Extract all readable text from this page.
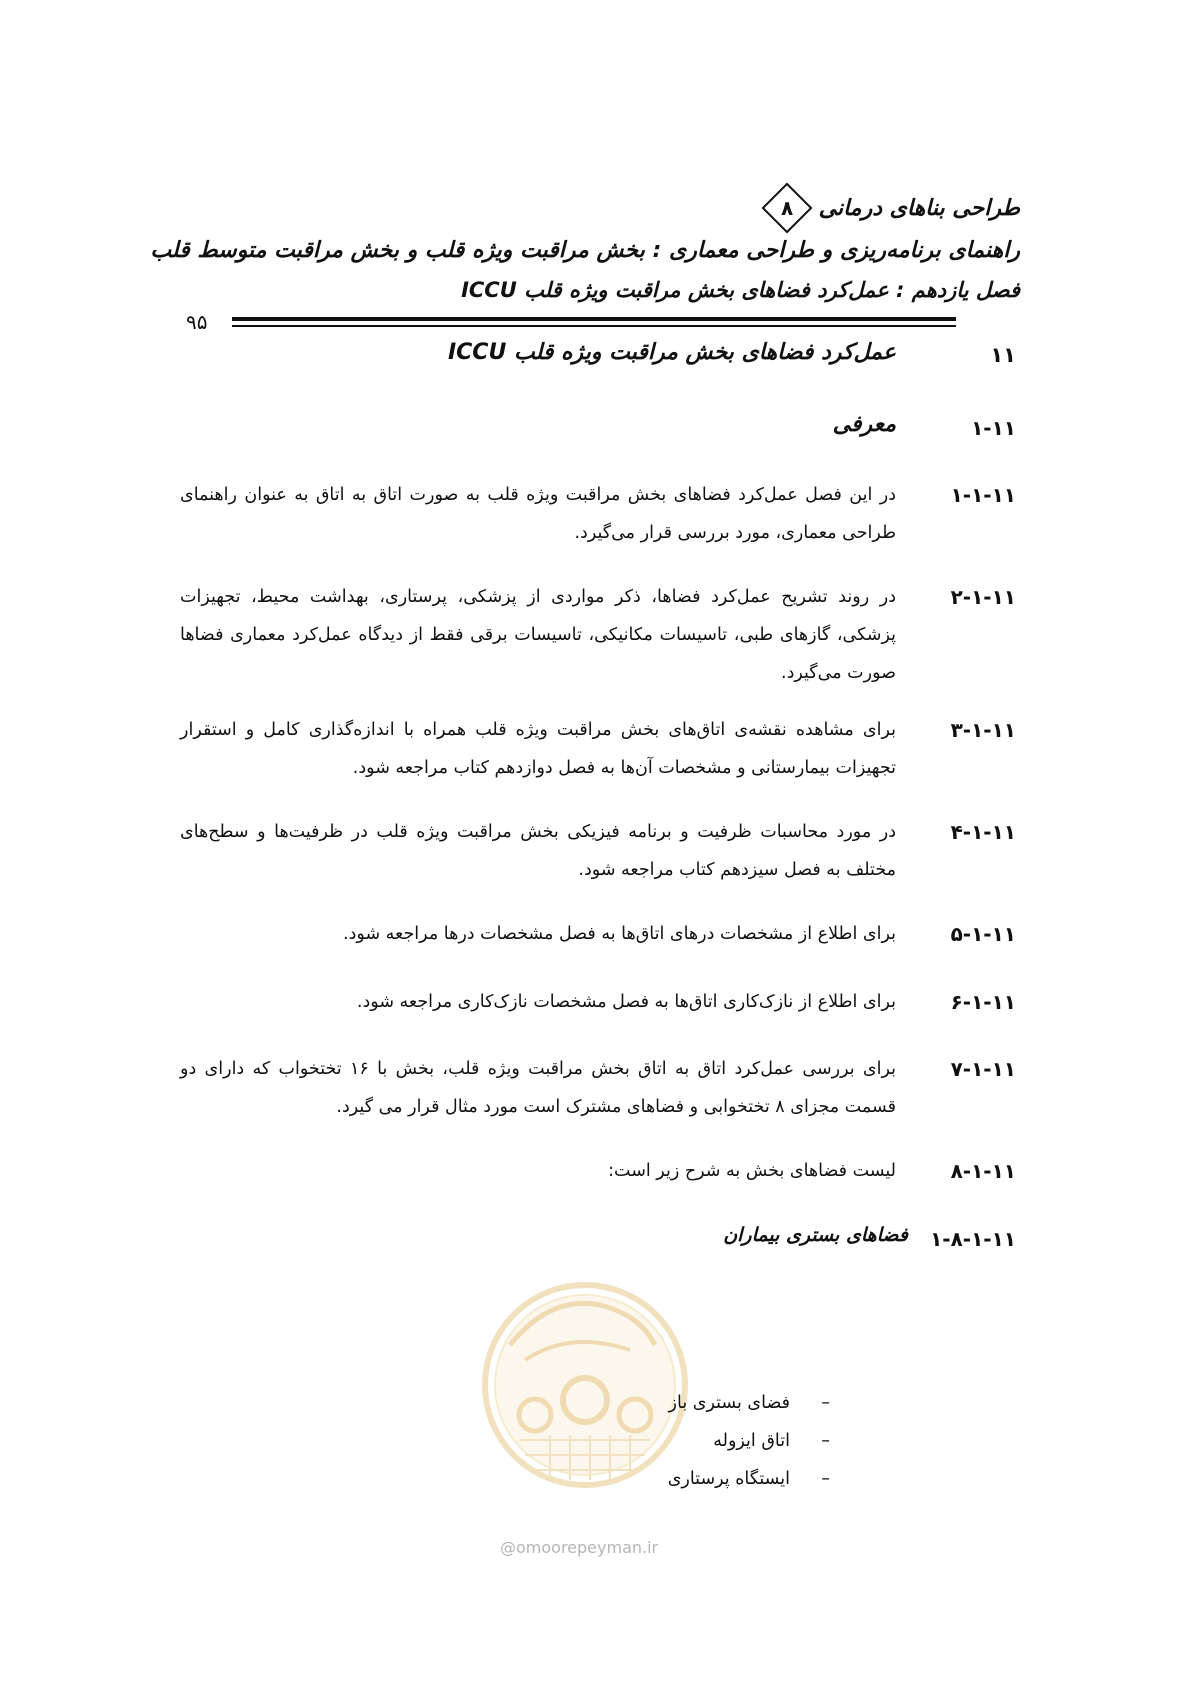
طراحی بناهای درمانی
۸
راهنمای برنامه‌ریزی و طراحی معماری : بخش مراقبت ویژه قلب و بخش مراقبت متوسط قلب
فصل یازدهم : عمل‌کرد فضاهای بخش مراقبت ویژه قلب ICCU
۹۵
۱۱
عمل‌کرد فضاهای بخش مراقبت ویژه قلب ICCU
۱-۱۱
معرفی
۱-۱-۱۱
در این فصل عمل‌کرد فضاهای بخش مراقبت ویژه قلب به صورت اتاق به اتاق به عنوان راهنمای طراحی معماری، مورد بررسی قرار می‌گیرد.
۲-۱-۱۱
در روند تشریح عمل‌کرد فضاها، ذکر مواردی از پزشکی، پرستاری، بهداشت محیط، تجهیزات پزشکی، گازهای طبی، تاسیسات مکانیکی، تاسیسات برقی فقط از دیدگاه عمل‌کرد معماری فضاها صورت می‌گیرد.
۳-۱-۱۱
برای مشاهده نقشه‌ی اتاق‌های بخش مراقبت ویژه قلب همراه با اندازه‌گذاری کامل و استقرار تجهیزات بیمارستانی و مشخصات آن‌ها به فصل دوازدهم کتاب مراجعه شود.
۴-۱-۱۱
در مورد محاسبات ظرفیت و برنامه فیزیکی بخش مراقبت ویژه قلب در ظرفیت‌ها و سطح‌های مختلف به فصل سیزدهم کتاب مراجعه شود.
۵-۱-۱۱
برای اطلاع از مشخصات درهای اتاق‌ها به فصل مشخصات درها مراجعه شود.
۶-۱-۱۱
برای اطلاع از نازک‌کاری اتاق‌ها به فصل مشخصات نازک‌کاری مراجعه شود.
۷-۱-۱۱
برای بررسی عمل‌کرد اتاق به اتاق بخش مراقبت ویژه قلب، بخش با ۱۶ تختخواب که دارای دو قسمت مجزای ۸ تختخوابی و فضاهای مشترک است مورد مثال قرار می گیرد.
۸-۱-۱۱
لیست فضاهای بخش به شرح زیر است:
۱-۸-۱-۱۱
فضاهای بستری بیماران
–فضای بستری باز
–اتاق ایزوله
–ایستگاه پرستاری
@omoorepeyman.ir
